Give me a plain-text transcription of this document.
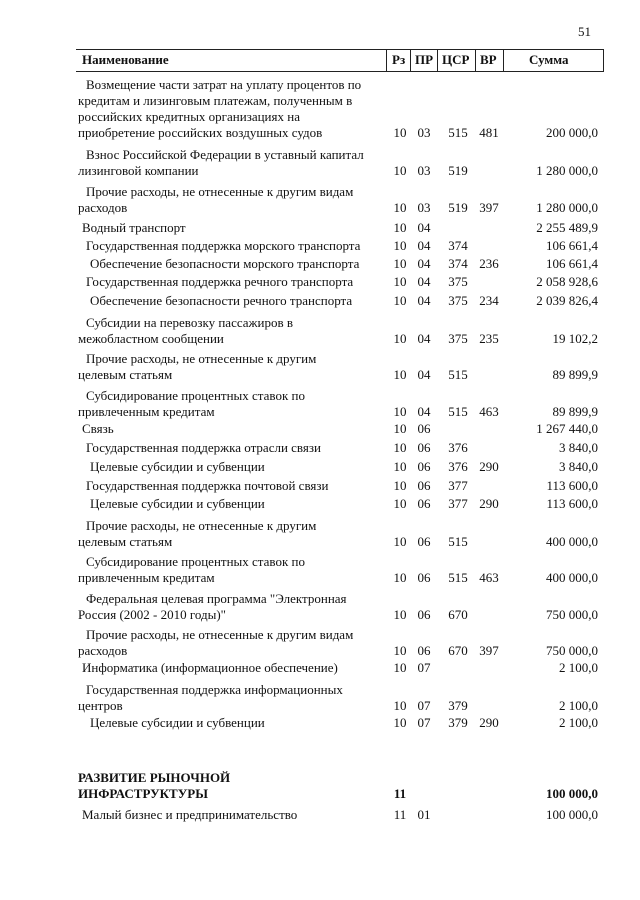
51
Наименование	Рз ПР ЦСР ВР Сумма
Возмещение части затрат на уплату процентов по
кредитам и лизинговым платежам, полученным в
российских кредитных организациях на
приобретение российских воздушных судов	10 03	515 481	200 000,0
Взнос Российской Федерации в уставный капитал
лизинговой компании	10 03	519	1 280 000,0
Прочие расходы, не отнесенные к другим видам
расходов	10 03	519 397	1 280 000,0
Водный транспорт	10 04	2 255 489,9
Государственная поддержка морского транспорта	10 04	374	106 661,4
Обеспечение безопасности морского транспорта	10 04	374 236	106 661,4
Государственная поддержка речного транспорта	10 04	375	2 058 928,6
Обеспечение безопасности речного транспорта	10 04	375 234	2 039 826,4
Субсидии на перевозку пассажиров в
межобластном сообщении	10 04	375 235	19 102,2
Прочие расходы, не отнесенные к другим
целевым статьям	10 04	515	89 899,9
Субсидирование процентных ставок по
привлеченным кредитам	10 04	515 463	89 899,9
Связь	10 06	1 267 440,0
Государственная поддержка отрасли связи	10 06	376	3 840,0
Целевые субсидии и субвенции	10 06	376 290	3 840,0
Государственная поддержка почтовой связи	10 06	377	113 600,0
Целевые субсидии и субвенции	10 06	377 290	113 600,0
Прочие расходы, не отнесенные к другим
целевым статьям	10 06	515	400 000,0
Субсидирование процентных ставок по
привлеченным кредитам	10 06	515 463	400 000,0
Федеральная целевая программа "Электронная
Россия (2002 - 2010 годы)"	10 06	670	750 000,0
Прочие расходы, не отнесенные к другим видам
расходов	10 06	670 397	750 000,0
Информатика (информационное обеспечение)	10 07	2 100,0
Государственная поддержка информационных
центров	10 07	379	2 100,0
Целевые субсидии и субвенции	10 07	379 290	2 100,0
РАЗВИТИЕ РЫНОЧНОЙ
ИНФРАСТРУКТУРЫ	11	100 000,0
Малый бизнес и предпринимательство	11 01	100 000,0
